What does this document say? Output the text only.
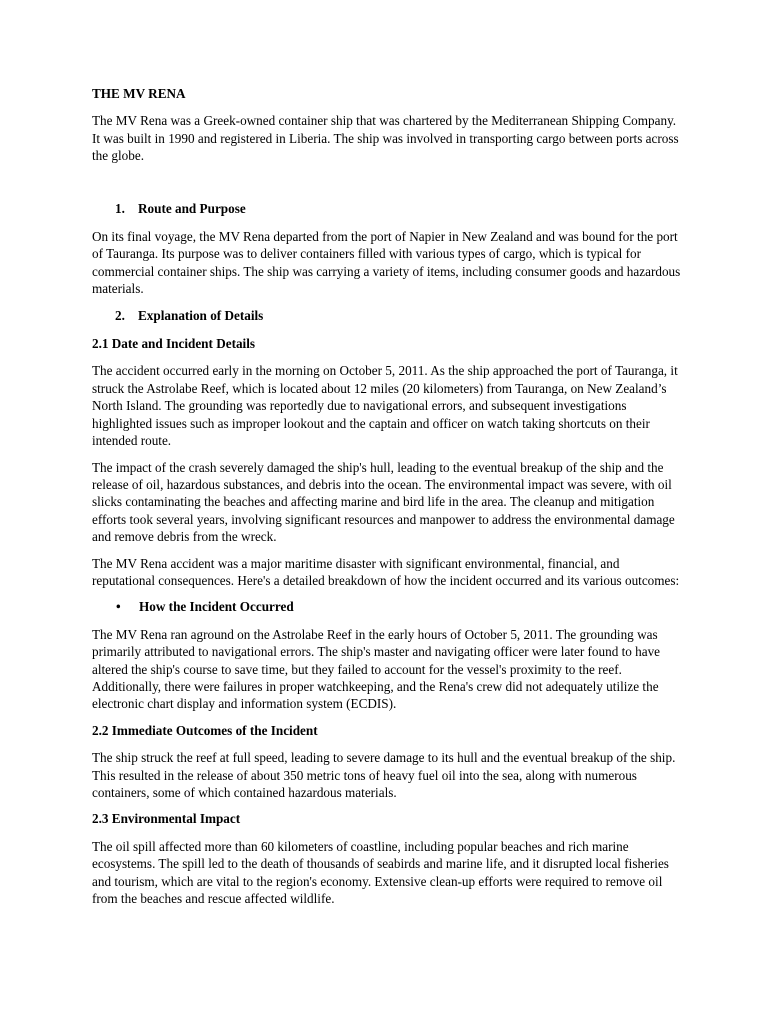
THE MV RENA

The MV Rena was a Greek-owned container ship that was chartered by the Mediterranean Shipping Company. It was built in 1990 and registered in Liberia. The ship was involved in transporting cargo between ports across the globe.

1. Route and Purpose

On its final voyage, the MV Rena departed from the port of Napier in New Zealand and was bound for the port of Tauranga. Its purpose was to deliver containers filled with various types of cargo, which is typical for commercial container ships. The ship was carrying a variety of items, including consumer goods and hazardous materials.

2. Explanation of Details
2.1 Date and Incident Details

The accident occurred early in the morning on October 5, 2011. As the ship approached the port of Tauranga, it struck the Astrolabe Reef, which is located about 12 miles (20 kilometers) from Tauranga, on New Zealand’s North Island. The grounding was reportedly due to navigational errors, and subsequent investigations highlighted issues such as improper lookout and the captain and officer on watch taking shortcuts on their intended route.

The impact of the crash severely damaged the ship's hull, leading to the eventual breakup of the ship and the release of oil, hazardous substances, and debris into the ocean. The environmental impact was severe, with oil slicks contaminating the beaches and affecting marine and bird life in the area. The cleanup and mitigation efforts took several years, involving significant resources and manpower to address the environmental damage and remove debris from the wreck.

The MV Rena accident was a major maritime disaster with significant environmental, financial, and reputational consequences. Here's a detailed breakdown of how the incident occurred and its various outcomes:

•	How the Incident Occurred

The MV Rena ran aground on the Astrolabe Reef in the early hours of October 5, 2011. The grounding was primarily attributed to navigational errors. The ship's master and navigating officer were later found to have altered the ship's course to save time, but they failed to account for the vessel's proximity to the reef. Additionally, there were failures in proper watchkeeping, and the Rena's crew did not adequately utilize the electronic chart display and information system (ECDIS).

2.2 Immediate Outcomes of the Incident

The ship struck the reef at full speed, leading to severe damage to its hull and the eventual breakup of the ship. This resulted in the release of about 350 metric tons of heavy fuel oil into the sea, along with numerous containers, some of which contained hazardous materials.

2.3 Environmental Impact

The oil spill affected more than 60 kilometers of coastline, including popular beaches and rich marine ecosystems. The spill led to the death of thousands of seabirds and marine life, and it disrupted local fisheries and tourism, which are vital to the region's economy. Extensive clean-up efforts were required to remove oil from the beaches and rescue affected wildlife.
